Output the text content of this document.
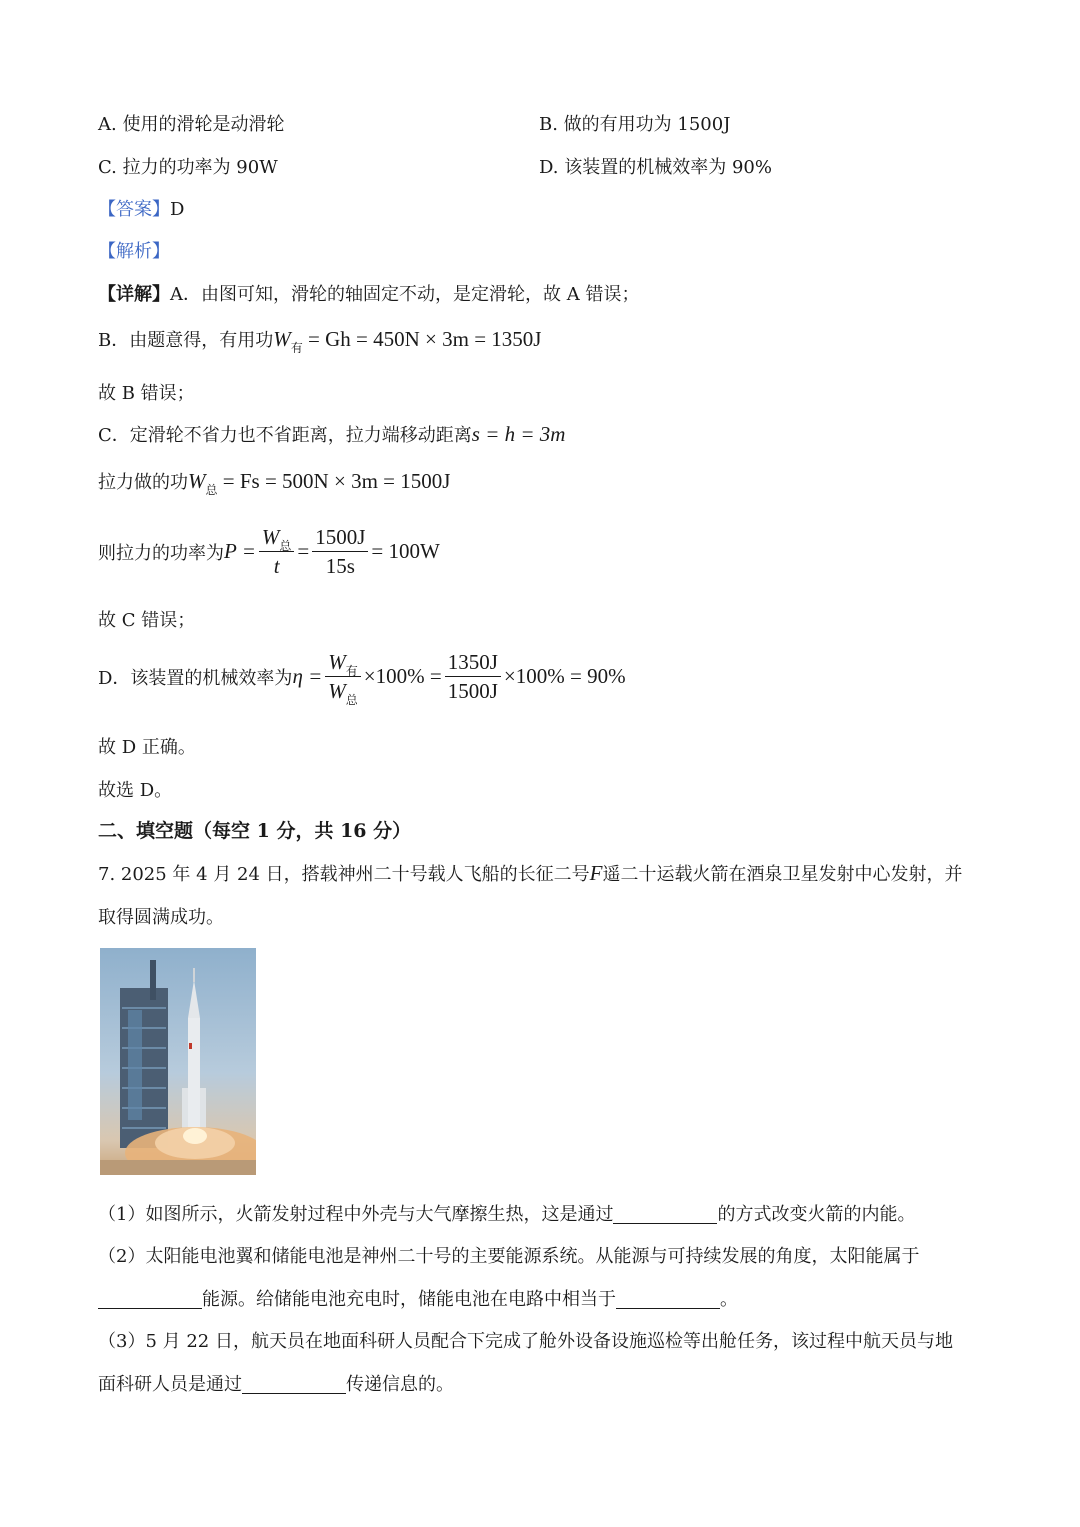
A. 使用的滑轮是动滑轮	B. 做的有用功为 1500J
C. 拉力的功率为 90W	D. 该装置的机械效率为 90%
【答案】D
【解析】
【详解】A．由图可知，滑轮的轴固定不动，是定滑轮，故 A 错误；
B．由题意得，有用功$W_有 = Gh = 450N \times 3m = 1350J$
故 B 错误；
C．定滑轮不省力也不省距离，拉力端移动距离s = h = 3m
拉力做的功$W_总 = Fs = 500N \times 3m = 1500J$
则拉力的功率为 $P = \frac{W_总}{t} = \frac{1500J}{15s} = 100W$
故 C 错误；
D．该装置的机械效率为 $\eta = \frac{W_有}{W_总} \times 100\% = \frac{1350J}{1500J} \times 100\% = 90\%$
故 D 正确。
故选 D。
二、填空题（每空 1 分，共 16 分）
7. 2025 年 4 月 24 日，搭载神州二十号载人飞船的长征二号F遥二十运载火箭在酒泉卫星发射中心发射，并
取得圆满成功。
（1）如图所示，火箭发射过程中外壳与大气摩擦生热，这是通过	的方式改变火箭的内能。
（2）太阳能电池翼和储能电池是神州二十号的主要能源系统。从能源与可持续发展的角度，太阳能属于
能源。给储能电池充电时，储能电池在电路中相当于	。
（3）5 月 22 日，航天员在地面科研人员配合下完成了舱外设备设施巡检等出舱任务，该过程中航天员与地
面科研人员是通过	传递信息的。
